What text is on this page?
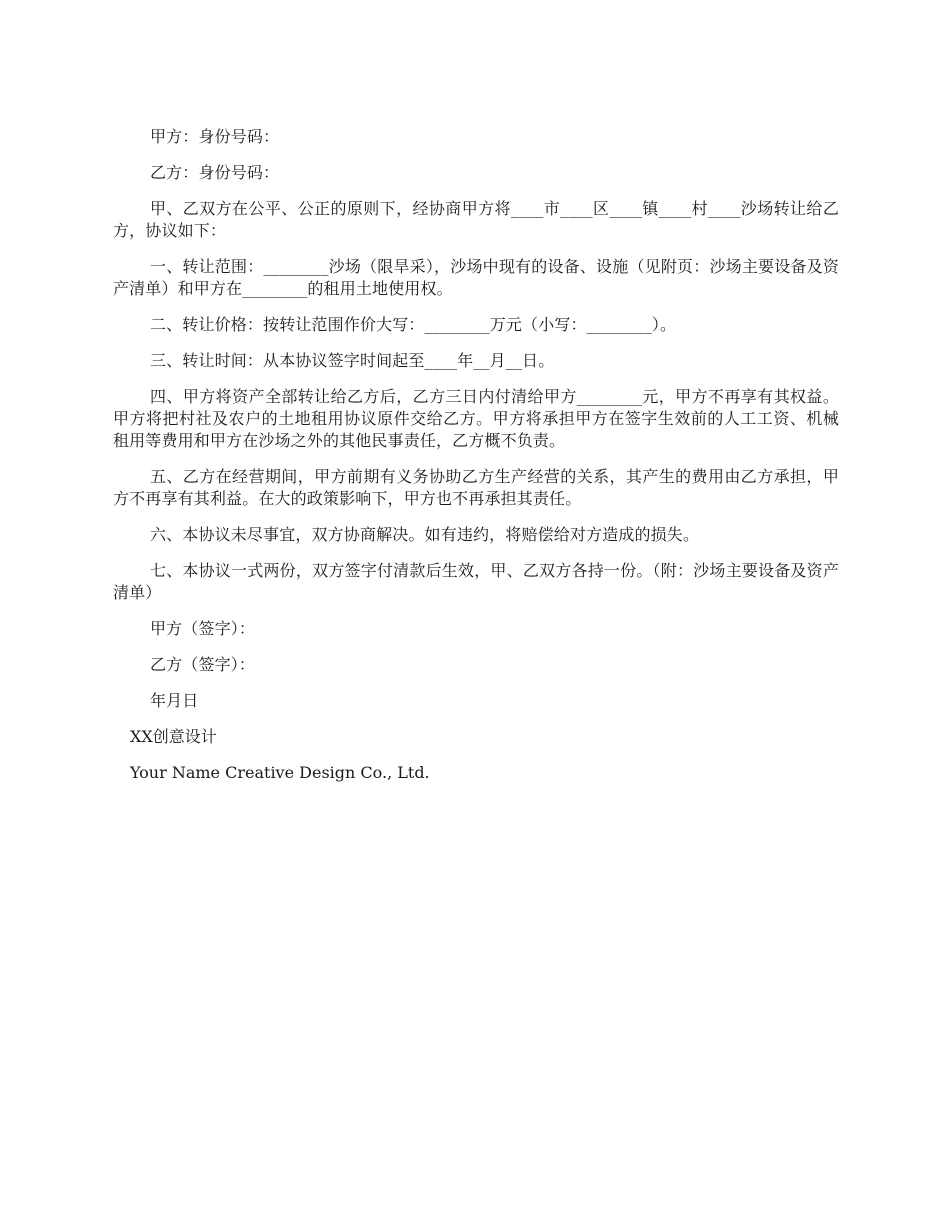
甲方：身份号码：

乙方：身份号码：

甲、乙双方在公平、公正的原则下，经协商甲方将____市____区____镇____村____沙场转让给乙方，协议如下：

一、转让范围：________沙场（限旱采），沙场中现有的设备、设施（见附页：沙场主要设备及资产清单）和甲方在________的租用土地使用权。

二、转让价格：按转让范围作价大写：________万元（小写：________）。

三、转让时间：从本协议签字时间起至____年__月__日。

四、甲方将资产全部转让给乙方后，乙方三日内付清给甲方________元，甲方不再享有其权益。甲方将把村社及农户的土地租用协议原件交给乙方。甲方将承担甲方在签字生效前的人工工资、机械租用等费用和甲方在沙场之外的其他民事责任，乙方概不负责。

五、乙方在经营期间，甲方前期有义务协助乙方生产经营的关系，其产生的费用由乙方承担，甲方不再享有其利益。在大的政策影响下，甲方也不再承担其责任。

六、本协议未尽事宜，双方协商解决。如有违约，将赔偿给对方造成的损失。

七、本协议一式两份，双方签字付清款后生效，甲、乙双方各持一份。（附：沙场主要设备及资产清单）

甲方（签字）：

乙方（签字）：

年月日

XX创意设计

Your Name Creative Design Co., Ltd.
